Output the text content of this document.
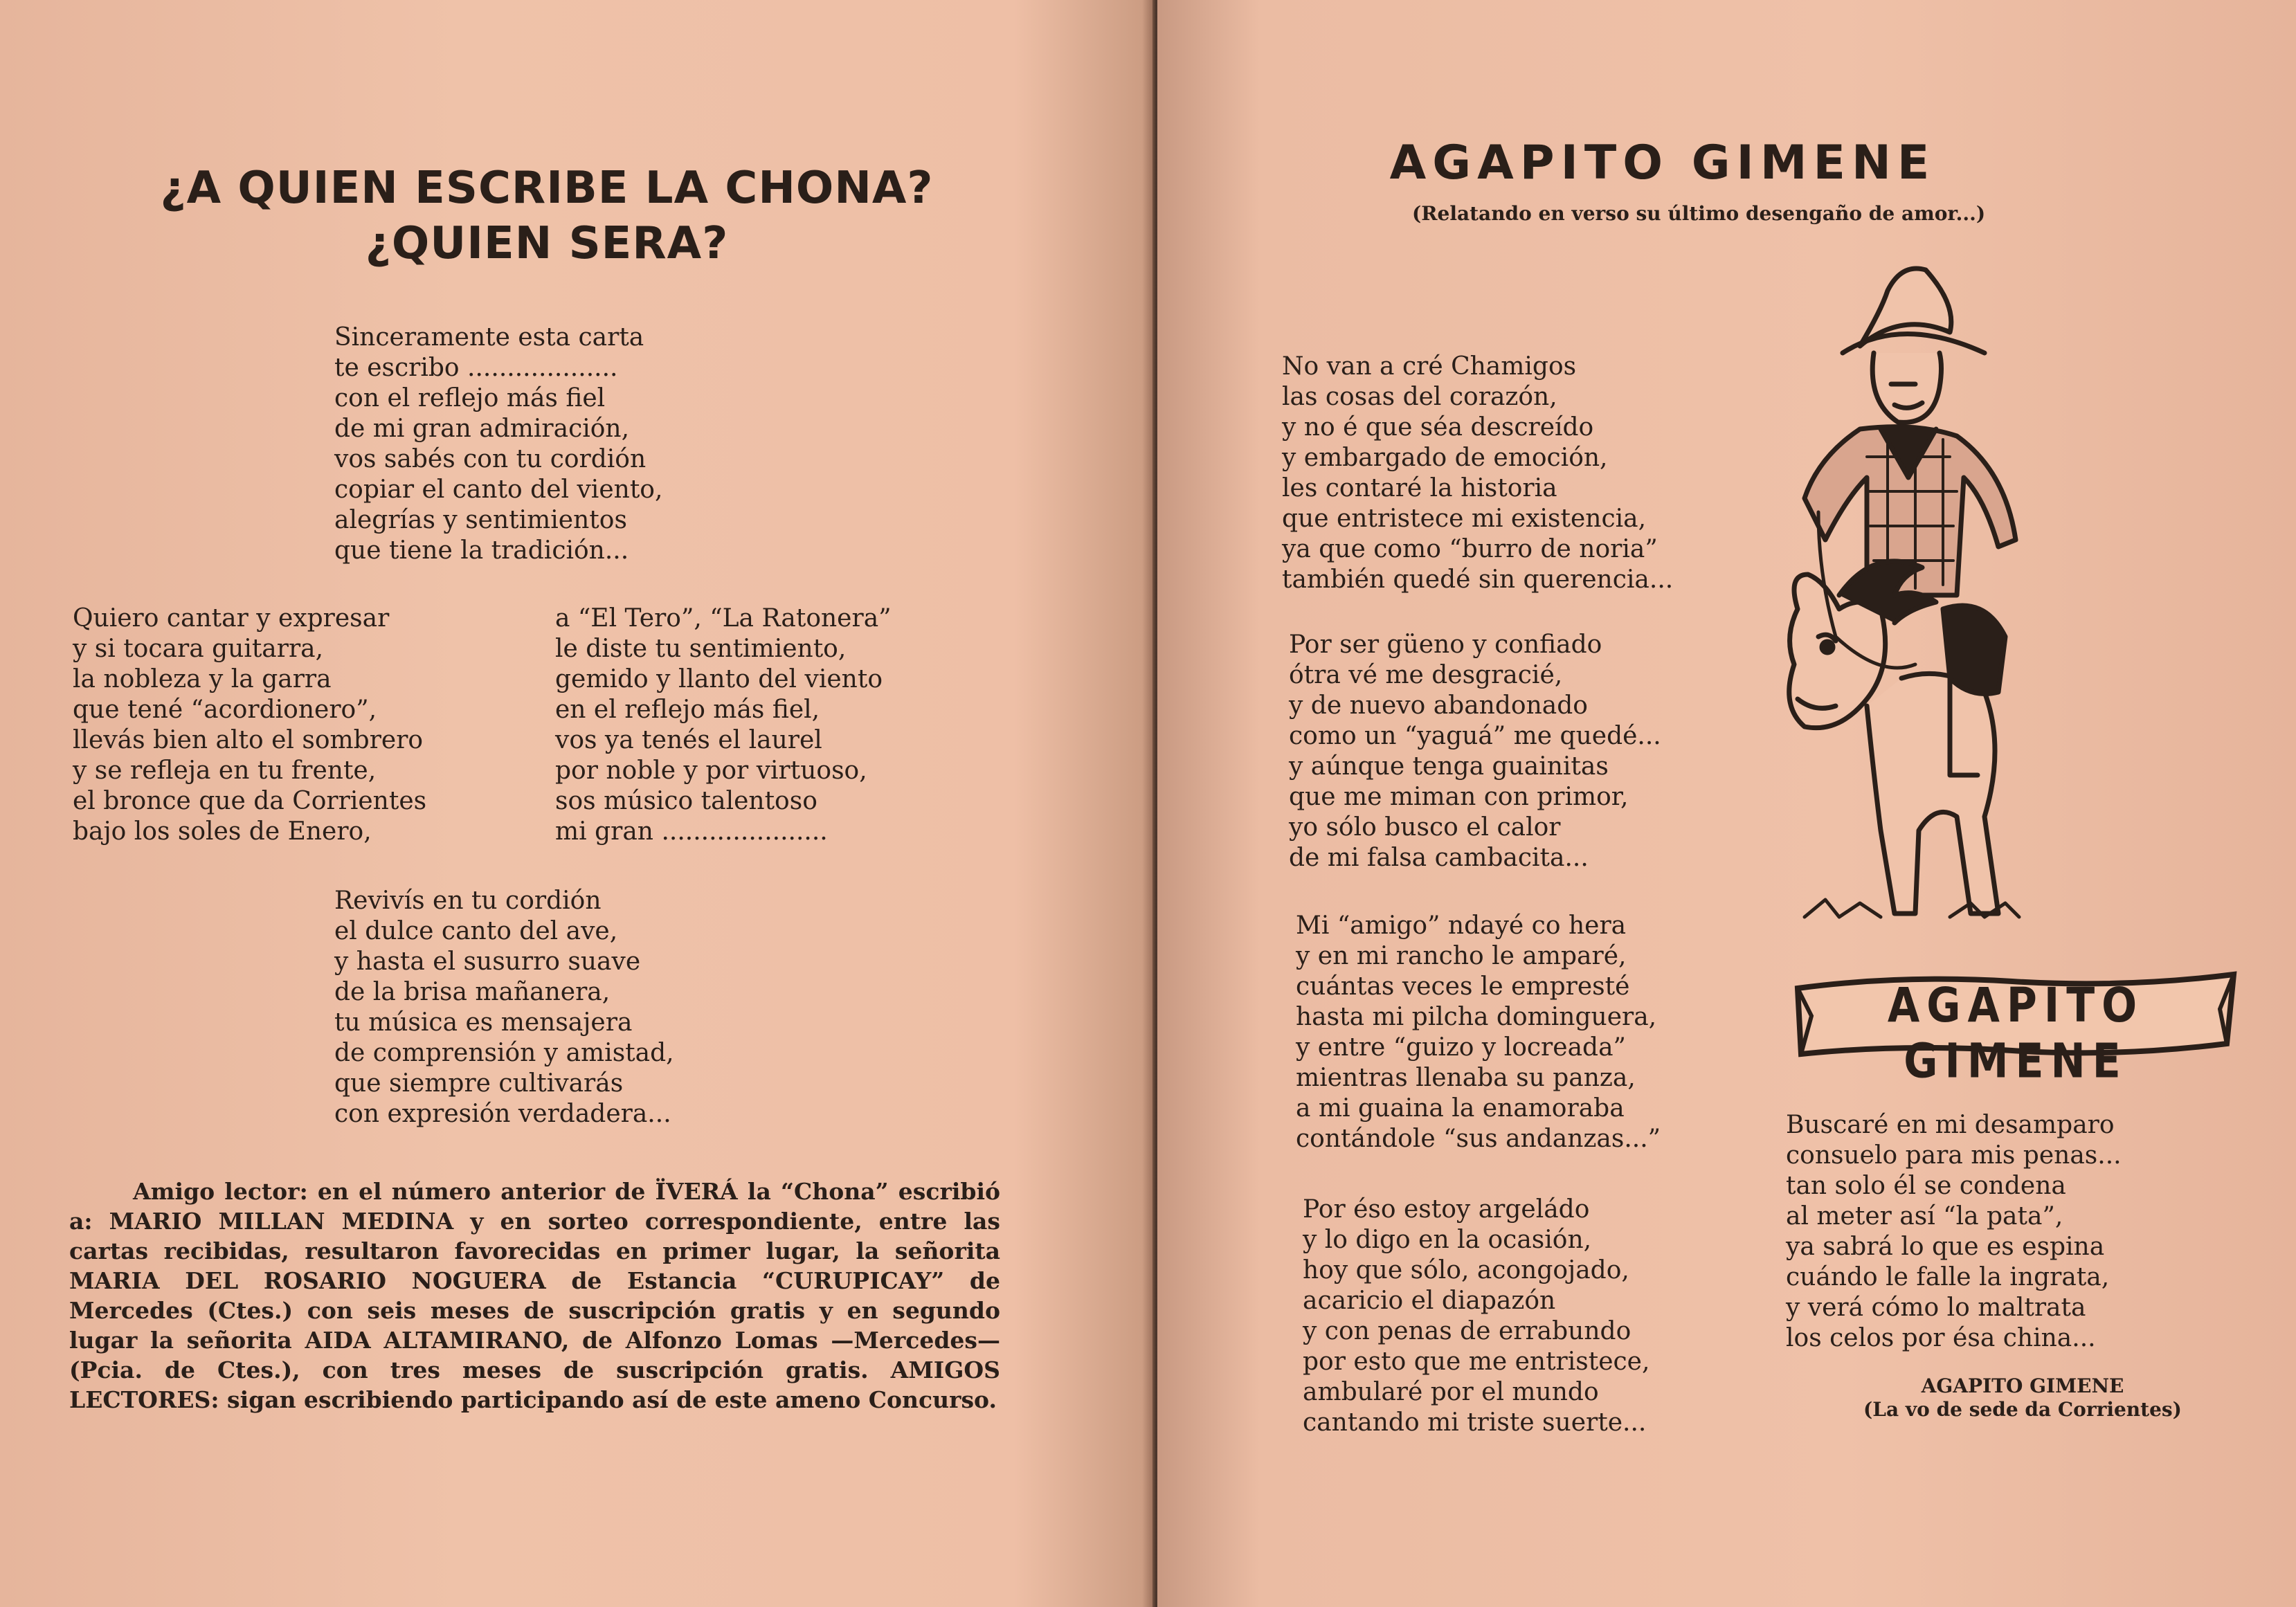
¿A QUIEN ESCRIBE LA CHONA?
¿QUIEN SERA?
Sinceramente esta carta
te escribo ...................
con el reflejo más fiel
de mi gran admiración,
vos sabés con tu cordión
copiar el canto del viento,
alegrías y sentimientos
que tiene la tradición...
Quiero cantar y expresar
y si tocara guitarra,
la nobleza y la garra
que tené “acordionero”,
llevás bien alto el sombrero
y se refleja en tu frente,
el bronce que da Corrientes
bajo los soles de Enero,
a “El Tero”, “La Ratonera”
le diste tu sentimiento,
gemido y llanto del viento
en el reflejo más fiel,
vos ya tenés el laurel
por noble y por virtuoso,
sos músico talentoso
mi gran .....................
Revivís en tu cordión
el dulce canto del ave,
y hasta el susurro suave
de la brisa mañanera,
tu música es mensajera
de comprensión y amistad,
que siempre cultivarás
con expresión verdadera...
Amigo lector: en el número anterior de ÏVERÁ la “Chona” escribió a: MARIO MILLAN MEDINA y en sorteo correspondiente, entre las cartas recibidas, resultaron favorecidas en primer lugar, la señorita MARIA DEL ROSARIO NOGUERA de Estancia “CURUPICAY” de Mercedes (Ctes.) con seis meses de suscripción gratis y en segundo lugar la señorita AIDA ALTAMIRANO, de Alfonzo Lomas —Mercedes— (Pcia. de Ctes.), con tres meses de suscripción gratis. AMIGOS LECTORES: sigan escribiendo participando así de este ameno Concurso.
AGAPITO GIMENE
(Relatando en verso su último desengaño de amor...)
No van a cré Chamigos
las cosas del corazón,
y no é que séa descreído
y embargado de emoción,
les contaré la historia
que entristece mi existencia,
ya que como “burro de noria”
también quedé sin querencia...
Por ser güeno y confiado
ótra vé me desgracié,
y de nuevo abandonado
como un “yaguá” me quedé...
y aúnque tenga guainitas
que me miman con primor,
yo sólo busco el calor
de mi falsa cambacita...
Mi “amigo” ndayé co hera
y en mi rancho le amparé,
cuántas veces le empresté
hasta mi pilcha dominguera,
y entre “guizo y locreada”
mientras llenaba su panza,
a mi guaina la enamoraba
contándole “sus andanzas...”
Por éso estoy argeládo
y lo digo en la ocasión,
hoy que sólo, acongojado,
acaricio el diapazón
y con penas de errabundo
por esto que me entristece,
ambularé por el mundo
cantando mi triste suerte...
Buscaré en mi desamparo
consuelo para mis penas...
tan solo él se condena
al meter así “la pata”,
ya sabrá lo que es espina
cuándo le falle la ingrata,
y verá cómo lo maltrata
los celos por ésa china...
AGAPITO GIMENE
AGAPITO GIMENE
(La vo de sede da Corrientes)
